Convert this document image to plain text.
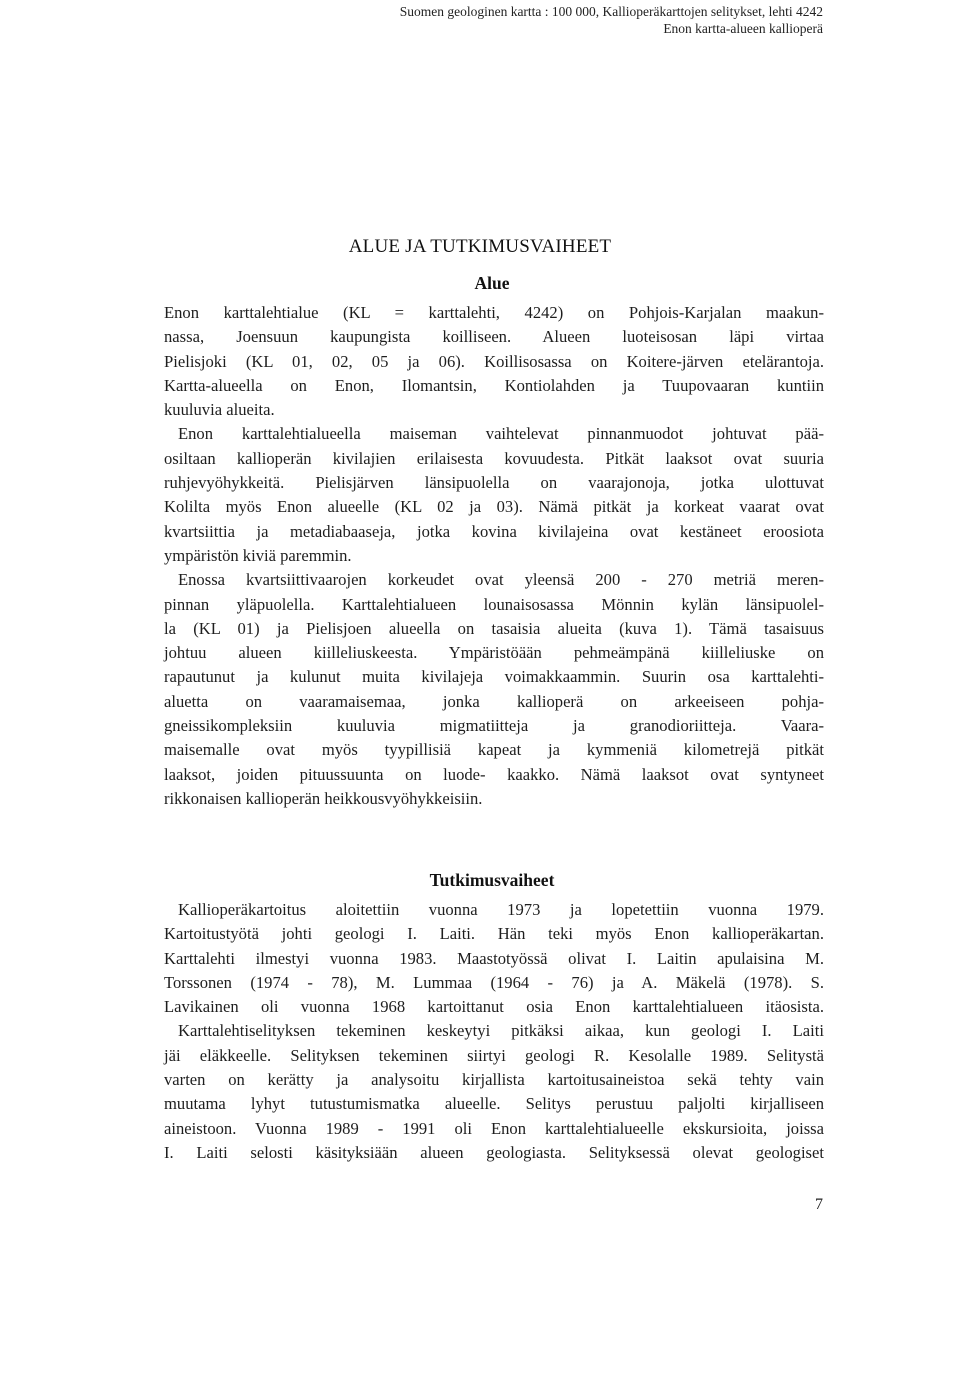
Suomen geologinen kartta : 100 000, Kallioperäkarttojen selitykset, lehti 4242
Enon kartta-alueen kallioperä
ALUE JA TUTKIMUSVAIHEET
Alue
Enon karttalehtialue (KL = karttalehti, 4242) on Pohjois-Karjalan maakun-
nassa, Joensuun kaupungista koilliseen. Alueen luoteisosan läpi virtaa
Pielisjoki (KL 01, 02, 05 ja 06). Koillisosassa on Koitere-järven etelärantoja.
Kartta-alueella on Enon, Ilomantsin, Kontiolahden ja Tuupovaaran kuntiin
kuuluvia alueita.
Enon karttalehtialueella maiseman vaihtelevat pinnanmuodot johtuvat pää-
osiltaan kallioperän kivilajien erilaisesta kovuudesta. Pitkät laaksot ovat suuria
ruhjevyöhykkeitä. Pielisjärven länsipuolella on vaarajonoja, jotka ulottuvat
Kolilta myös Enon alueelle (KL 02 ja 03). Nämä pitkät ja korkeat vaarat ovat
kvartsiittia ja metadiabaaseja, jotka kovina kivilajeina ovat kestäneet eroosiota
ympäristön kiviä paremmin.
Enossa kvartsiittivaarojen korkeudet ovat yleensä 200 - 270 metriä meren-
pinnan yläpuolella. Karttalehtialueen lounaisosassa Mönnin kylän länsipuolel-
la (KL 01) ja Pielisjoen alueella on tasaisia alueita (kuva 1). Tämä tasaisuus
johtuu alueen kiilleliuskeesta. Ympäristöään pehmeämpänä kiilleliuske on
rapautunut ja kulunut muita kivilajeja voimakkaammin. Suurin osa karttalehti-
aluetta on vaaramaisemaa, jonka kallioperä on arkeeiseen pohja-
gneissikompleksiin kuuluvia migmatiitteja ja granodioriitteja. Vaara-
maisemalle ovat myös tyypillisiä kapeat ja kymmeniä kilometrejä pitkät
laaksot, joiden pituussuunta on luode- kaakko. Nämä laaksot ovat syntyneet
rikkonaisen kallioperän heikkousvyöhykkeisiin.
Tutkimusvaiheet
Kallioperäkartoitus aloitettiin vuonna 1973 ja lopetettiin vuonna 1979.
Kartoitustyötä johti geologi I. Laiti. Hän teki myös Enon kallioperäkartan.
Karttalehti ilmestyi vuonna 1983. Maastotyössä olivat I. Laitin apulaisina M.
Torssonen (1974 - 78), M. Lummaa (1964 - 76) ja A. Mäkelä (1978). S.
Lavikainen oli vuonna 1968 kartoittanut osia Enon karttalehtialueen itäosista.
Karttalehtiselityksen tekeminen keskeytyi pitkäksi aikaa, kun geologi I. Laiti
jäi eläkkeelle. Selityksen tekeminen siirtyi geologi R. Kesolalle 1989. Selitystä
varten on kerätty ja analysoitu kirjallista kartoitusaineistoa sekä tehty vain
muutama lyhyt tutustumismatka alueelle. Selitys perustuu paljolti kirjalliseen
aineistoon. Vuonna 1989 - 1991 oli Enon karttalehtialueelle ekskursioita, joissa
I. Laiti selosti käsityksiään alueen geologiasta. Selityksessä olevat geologiset
7
